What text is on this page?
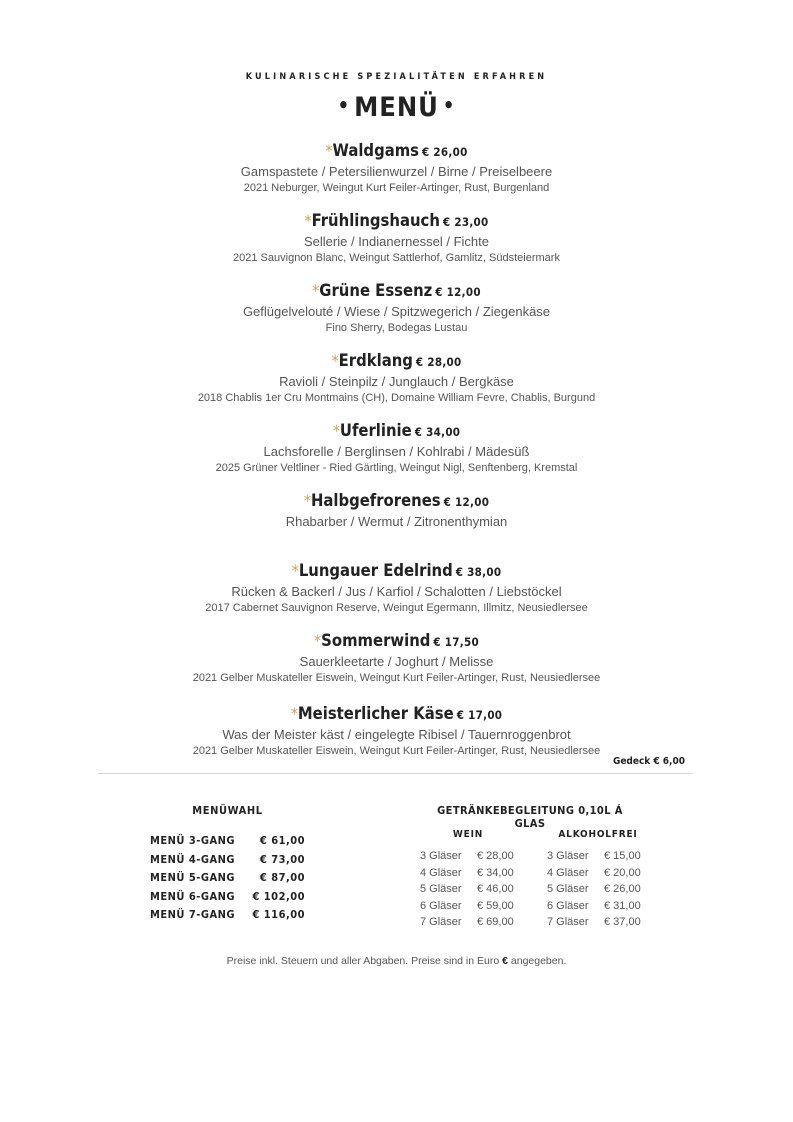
KULINARISCHE SPEZIALITÄTEN ERFAHREN
• MENÜ •
*Waldgams € 26,00
Gamspastete / Petersilienwurzel / Birne / Preiselbeere
2021 Neburger, Weingut Kurt Feiler-Artinger, Rust, Burgenland
*Frühlingshauch € 23,00
Sellerie / Indianernessel / Fichte
2021 Sauvignon Blanc, Weingut Sattlerhof, Gamlitz, Südsteiermark
*Grüne Essenz € 12,00
Geflügelvelouté / Wiese / Spitzwegerich / Ziegenkäse
Fino Sherry, Bodegas Lustau
*Erdklang € 28,00
Ravioli / Steinpilz / Junglauch / Bergkäse
2018 Chablis 1er Cru Montmains (CH), Domaine William Fevre, Chablis, Burgund
*Uferlinie € 34,00
Lachsforelle / Berglinsen / Kohlrabi / Mädesüß
2025 Grüner Veltliner - Ried Gärtling, Weingut Nigl, Senftenberg, Kremstal
*Halbgefrorenes € 12,00
Rhabarber / Wermut / Zitronenthymian
*Lungauer Edelrind € 38,00
Rücken & Backerl / Jus / Karfiol / Schalotten / Liebstöckel
2017 Cabernet Sauvignon Reserve, Weingut Egermann, Illmitz, Neusiedlersee
*Sommerwind € 17,50
Sauerkleetarte / Joghurt / Melisse
2021 Gelber Muskateller Eiswein, Weingut Kurt Feiler-Artinger, Rust, Neusiedlersee
*Meisterlicher Käse € 17,00
Was der Meister käst / eingelegte Ribisel / Tauernroggenbrot
2021 Gelber Muskateller Eiswein, Weingut Kurt Feiler-Artinger, Rust, Neusiedlersee
Gedeck € 6,00
MENÜWAHL
MENÜ 3-GANG € 61,00
MENÜ 4-GANG € 73,00
MENÜ 5-GANG € 87,00
MENÜ 6-GANG € 102,00
MENÜ 7-GANG € 116,00
GETRÄNKEBEGLEITUNG 0,10L Á GLAS
WEIN	ALKOHOLFREI
3 Gläser € 28,00
4 Gläser € 34,00
5 Gläser € 46,00
6 Gläser € 59,00
7 Gläser € 69,00
3 Gläser € 15,00
4 Gläser € 20,00
5 Gläser € 26,00
6 Gläser € 31,00
7 Gläser € 37,00
Preise inkl. Steuern und aller Abgaben. Preise sind in Euro € angegeben.
